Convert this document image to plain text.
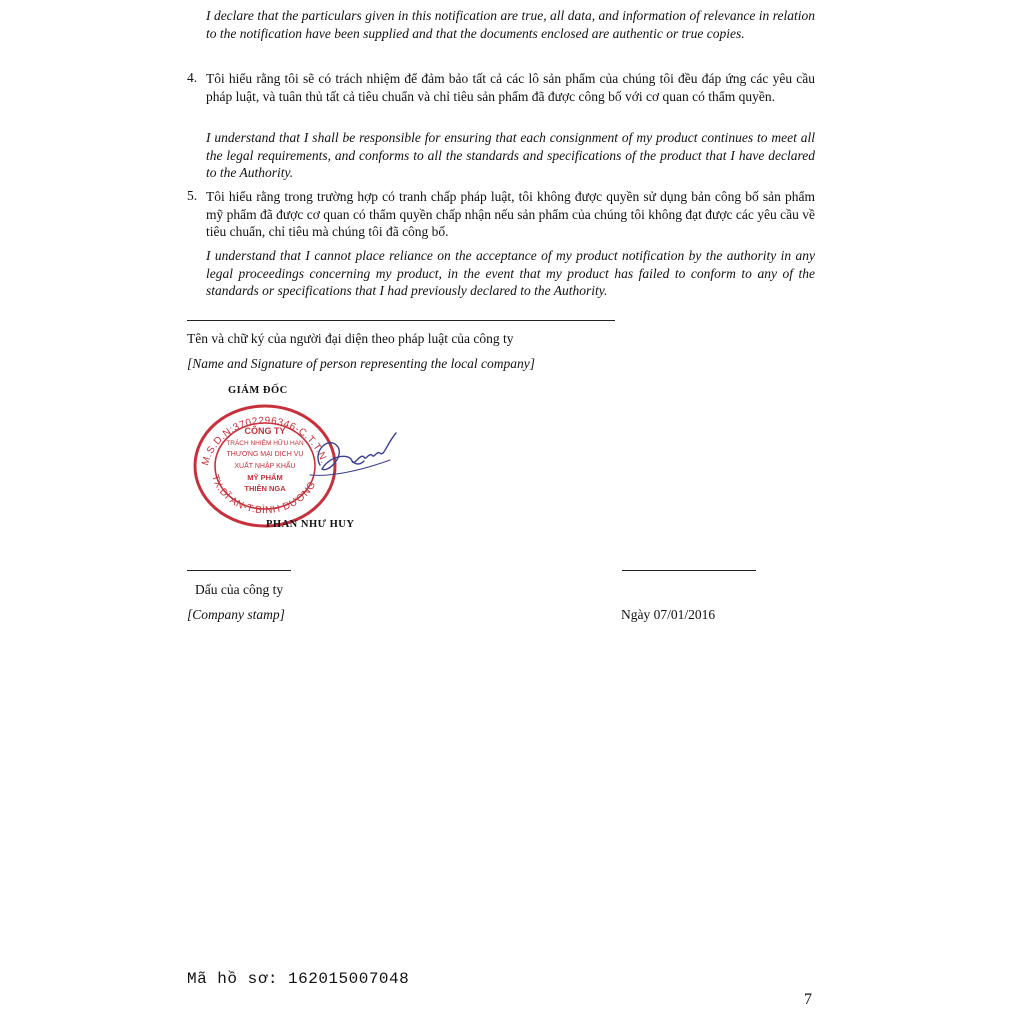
I declare that the particulars given in this notification are true, all data, and information of relevance in relation to the notification have been supplied and that the documents enclosed are authentic or true copies.
4. Tôi hiểu rằng tôi sẽ có trách nhiệm để đảm bảo tất cả các lô sản phẩm của chúng tôi đều đáp ứng các yêu cầu pháp luật, và tuân thủ tất cả tiêu chuẩn và chỉ tiêu sản phẩm đã được công bố với cơ quan có thẩm quyền.
I understand that I shall be responsible for ensuring that each consignment of my product continues to meet all the legal requirements, and conforms to all the standards and specifications of the product that I have declared to the Authority.
5. Tôi hiểu rằng trong trường hợp có tranh chấp pháp luật, tôi không được quyền sử dụng bản công bố sản phẩm mỹ phẩm đã được cơ quan có thẩm quyền chấp nhận nếu sản phẩm của chúng tôi không đạt được các yêu cầu về tiêu chuẩn, chỉ tiêu mà chúng tôi đã công bố.
I understand that I cannot place reliance on the acceptance of my product notification by the authority in any legal proceedings concerning my product, in the event that my product has failed to conform to any of the standards or specifications that I had previously declared to the Authority.
Tên và chữ ký của người đại diện theo pháp luật của công ty
[Name and Signature of person representing the local company]
GIÁM ĐỐC
M.S.D.N:3702296346-C.T.T.N.
TX.DĨ AN-T.BÌNH DƯƠNG
CÔNG TY
TRÁCH NHIỆM HỮU HẠN
THƯƠNG MẠI DỊCH VỤ
XUẤT NHẬP KHẨU
MỸ PHẨM
THIÊN NGA
PHAN NHƯ HUY
Dấu của công ty
[Company stamp]	Ngày 07/01/2016
Mã hồ sơ: 162015007048
7
